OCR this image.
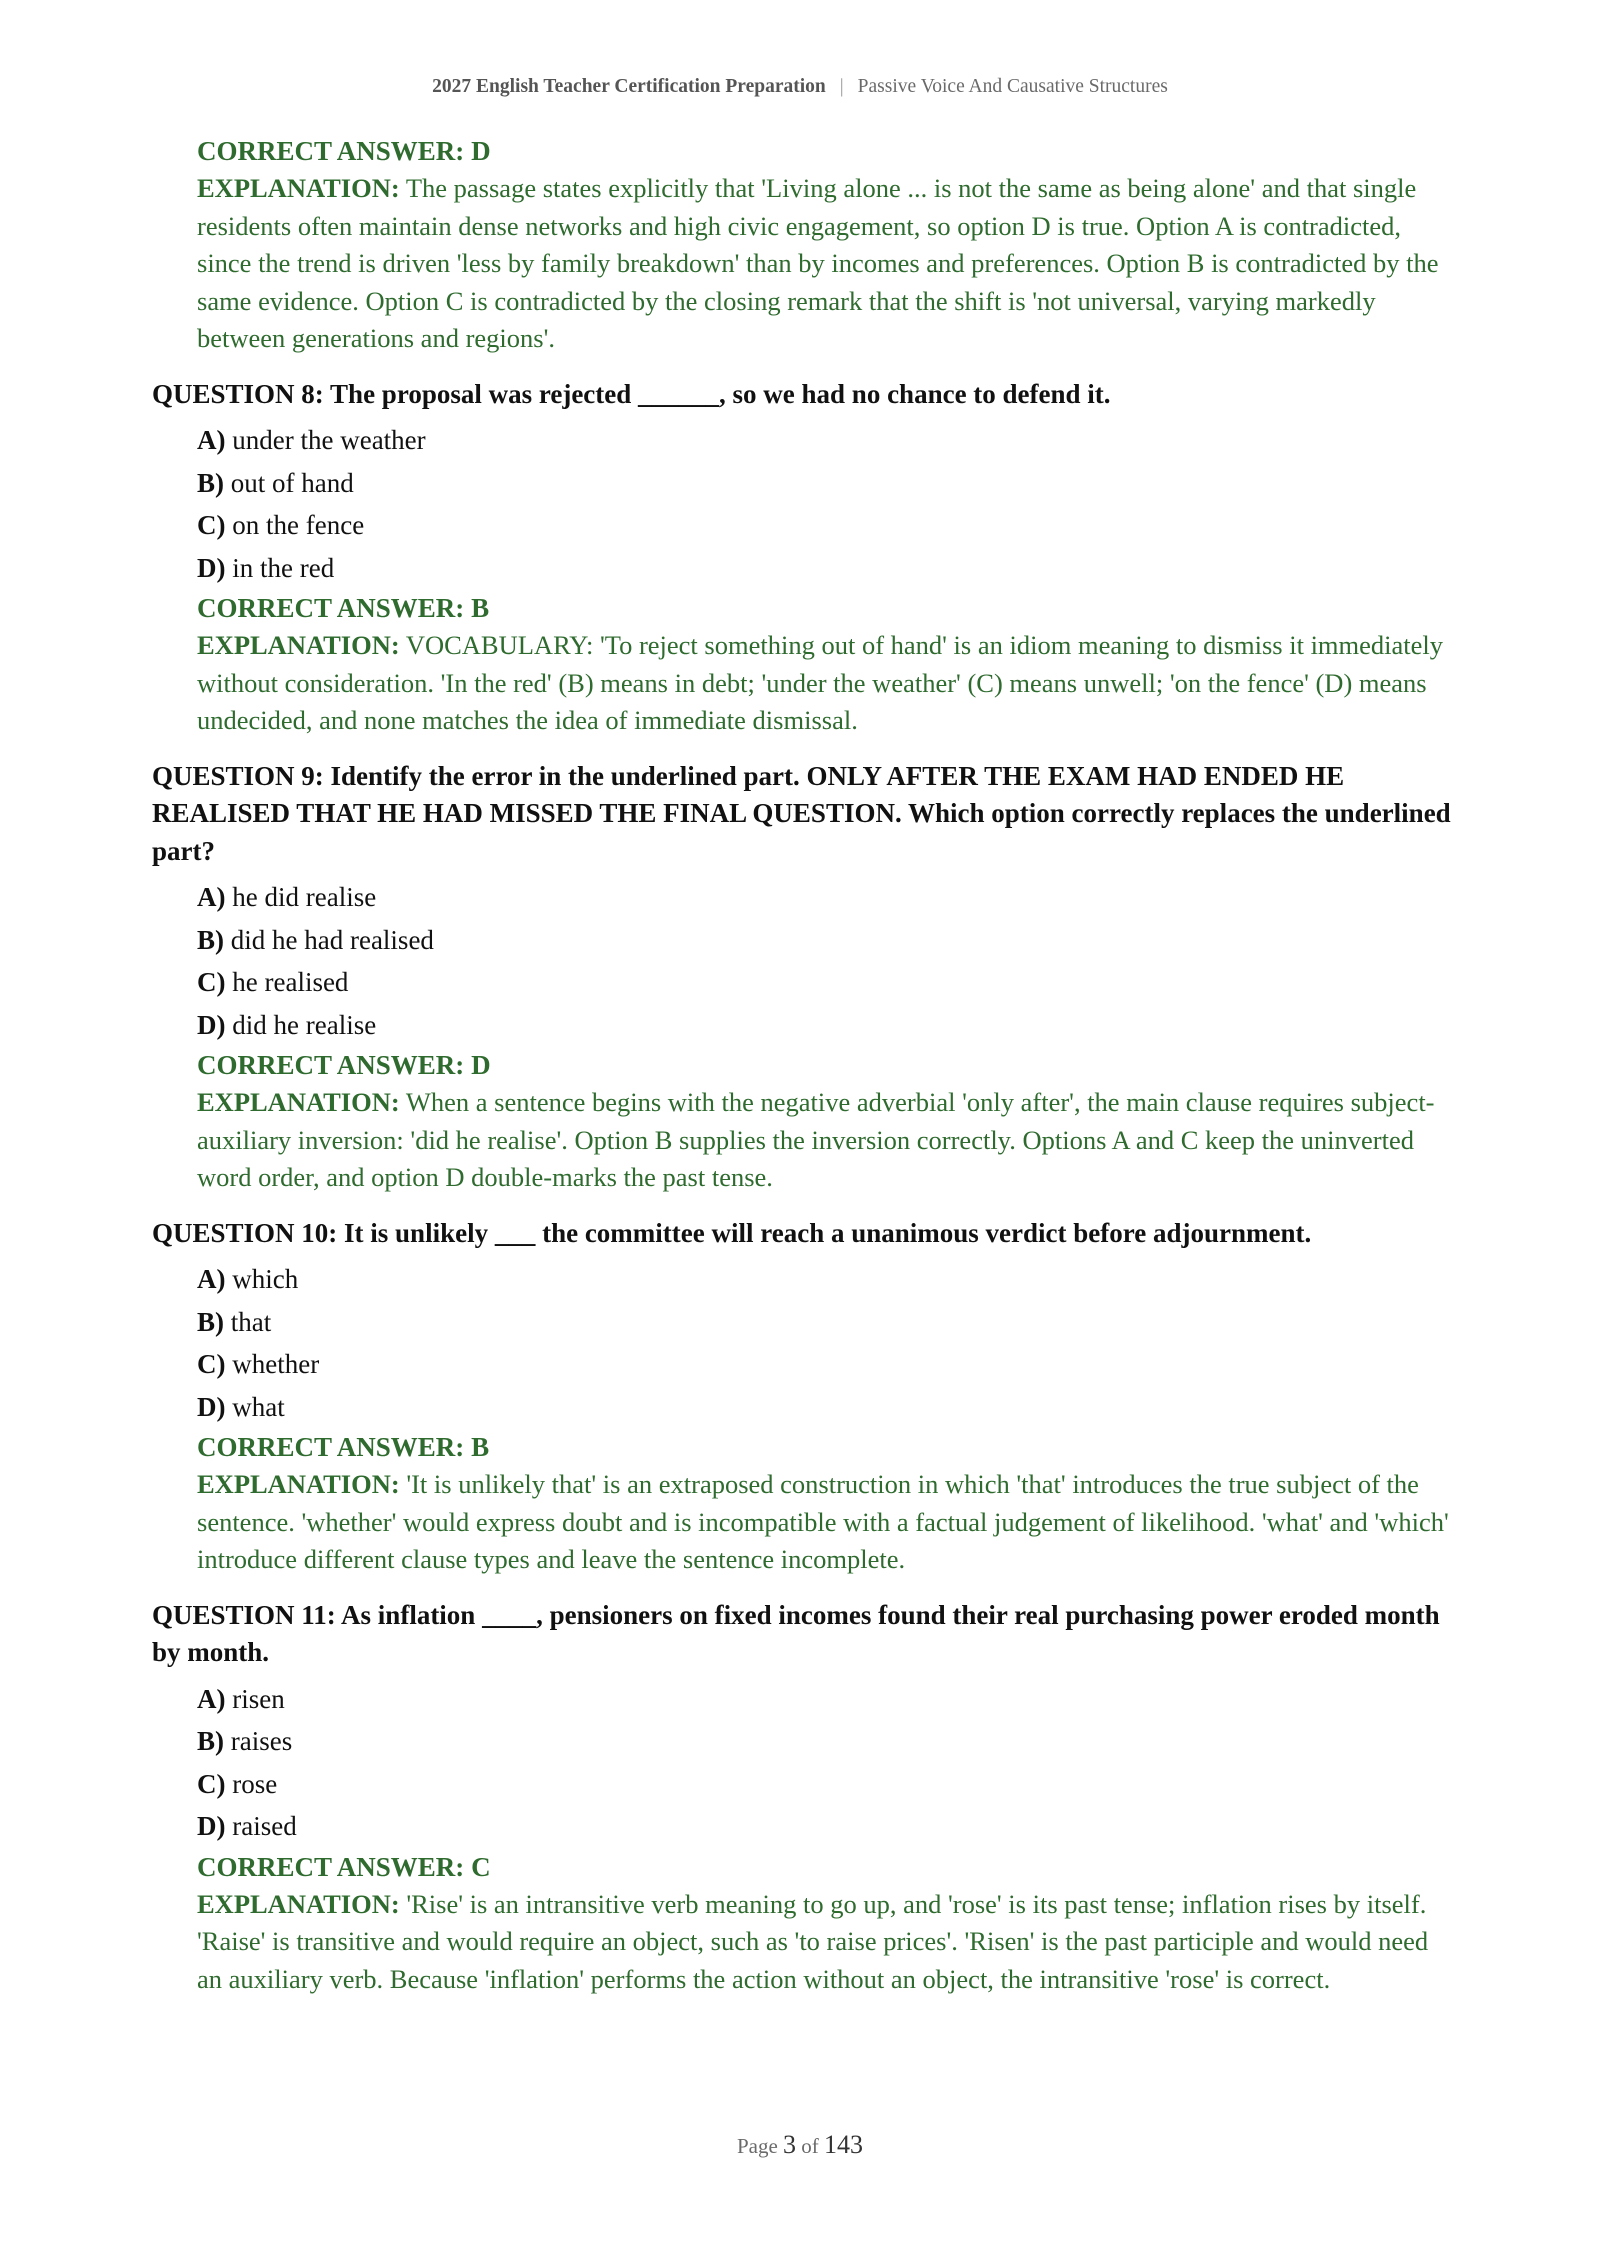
2027 English Teacher Certification Preparation | Passive Voice And Causative Structures
CORRECT ANSWER: D
EXPLANATION: The passage states explicitly that 'Living alone ... is not the same as being alone' and that single residents often maintain dense networks and high civic engagement, so option D is true. Option A is contradicted, since the trend is driven 'less by family breakdown' than by incomes and preferences. Option B is contradicted by the same evidence. Option C is contradicted by the closing remark that the shift is 'not universal, varying markedly between generations and regions'.
QUESTION 8: The proposal was rejected ______, so we had no chance to defend it.
A) under the weather
B) out of hand
C) on the fence
D) in the red
CORRECT ANSWER: B
EXPLANATION: VOCABULARY: 'To reject something out of hand' is an idiom meaning to dismiss it immediately without consideration. 'In the red' (B) means in debt; 'under the weather' (C) means unwell; 'on the fence' (D) means undecided, and none matches the idea of immediate dismissal.
QUESTION 9: Identify the error in the underlined part. ONLY AFTER THE EXAM HAD ENDED HE REALISED THAT HE HAD MISSED THE FINAL QUESTION. Which option correctly replaces the underlined part?
A) he did realise
B) did he had realised
C) he realised
D) did he realise
CORRECT ANSWER: D
EXPLANATION: When a sentence begins with the negative adverbial 'only after', the main clause requires subject-auxiliary inversion: 'did he realise'. Option B supplies the inversion correctly. Options A and C keep the uninverted word order, and option D double-marks the past tense.
QUESTION 10: It is unlikely ___ the committee will reach a unanimous verdict before adjournment.
A) which
B) that
C) whether
D) what
CORRECT ANSWER: B
EXPLANATION: 'It is unlikely that' is an extraposed construction in which 'that' introduces the true subject of the sentence. 'whether' would express doubt and is incompatible with a factual judgement of likelihood. 'what' and 'which' introduce different clause types and leave the sentence incomplete.
QUESTION 11: As inflation ____, pensioners on fixed incomes found their real purchasing power eroded month by month.
A) risen
B) raises
C) rose
D) raised
CORRECT ANSWER: C
EXPLANATION: 'Rise' is an intransitive verb meaning to go up, and 'rose' is its past tense; inflation rises by itself. 'Raise' is transitive and would require an object, such as 'to raise prices'. 'Risen' is the past participle and would need an auxiliary verb. Because 'inflation' performs the action without an object, the intransitive 'rose' is correct.
Page 3 of 143
